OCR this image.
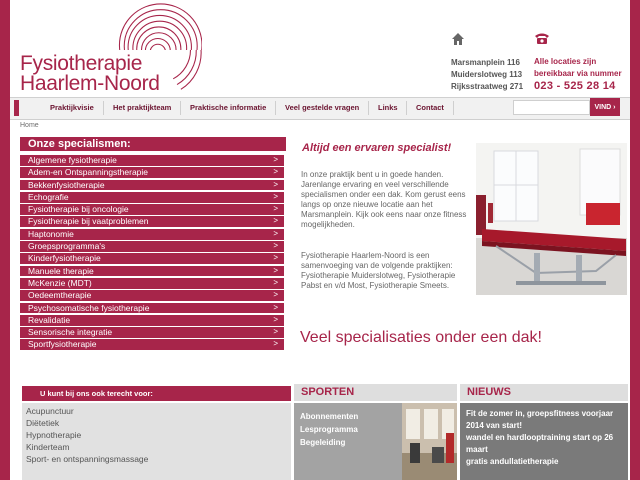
Fysiotherapie
Haarlem-Noord
Marsmanplein 116
Muiderslotweg 113
Rijksstraatweg 271
Alle locaties zijn
bereikbaar via nummer
023 - 525 28 14
Praktijkvisie	Het praktijkteam Praktische informatie Veel gestelde vragen	Links Contact	VIND ›
Home
Onze specialismen:
Algemene fysiotherapie	>
Adem-en Ontspanningstherapie	>
Bekkenfysiotherapie	>
Echografie	>
Fysiotherapie bij oncologie	>
Fysiotherapie bij vaatproblemen	>
Haptonomie	>
Groepsprogramma's	>
Kinderfysiotherapie	>
Manuele therapie	>
McKenzie (MDT)	>
Oedeemtherapie	>
Psychosomatische fysiotherapie	>
Revalidatie	>
Sensorische integratie	>
Sportfysiotherapie	>
Altijd een ervaren specialist!

In onze praktijk bent u in goede handen. Jarenlange ervaring en veel verschillende specialismen onder een dak. Kom gerust eens langs op onze nieuwe locatie aan het Marsmanplein. Kijk ook eens naar onze fitness mogelijkheden.

Fysiotherapie Haarlem-Noord is een samenvoeging van de volgende praktijken: Fysiotherapie Muiderslotweg, Fysiotherapie Pabst en v/d Most, Fysiotherapie Smeets.

Veel specialisaties onder een dak!
U kunt bij ons ook terecht voor:
Acupunctuur
Diëtetiek
Hypnotherapie
Kinderteam
Sport- en ontspanningsmassage
SPORTEN
Abonnementen
Lesprogramma
Begeleiding
NIEUWS
Fit de zomer in, groepsfitness voorjaar 2014 van start!
wandel en hardlooptraining start op 26 maart
gratis andullatietherapie
